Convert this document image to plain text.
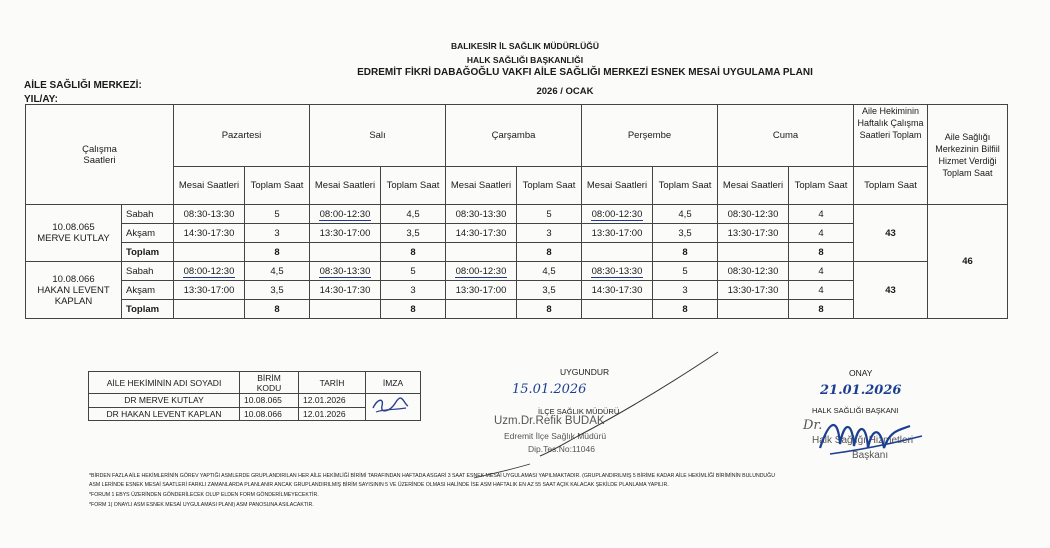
BALIKESİR İL SAĞLIK MÜDÜRLÜĞÜ
HALK SAĞLIĞI BAŞKANLIĞI
EDREMİT FİKRİ DABAĞOĞLU VAKFI AİLE SAĞLIĞI MERKEZİ ESNEK MESAİ UYGULAMA PLANI
2026 / OCAK
AİLE SAĞLIĞI MERKEZİ:
YIL/AY:
Çalışma Saatleri		Pazartesi		Salı		Çarşamba		Perşembe		Cuma		Aile Hekiminin Haftalık Çalışma Saatleri Toplam	Aile Sağlığı Merkezinin Bilfiil Hizmet Verdiği Toplam Saat
		Mesai Saatleri	Toplam Saat	Mesai Saatleri	Toplam Saat	Mesai Saatleri	Toplam Saat	Mesai Saatleri	Toplam Saat	Mesai Saatleri	Toplam Saat	Toplam Saat	

10.08.065
MERVE KUTLAY	Sabah	08:30-13:30	5	08:00-12:30	4,5	08:30-13:30	5	08:00-12:30	4,5	08:30-12:30	4	43	46
	Akşam	14:30-17:30	3	13:30-17:00	3,5	14:30-17:30	3	13:30-17:00	3,5	13:30-17:30	4		
	Toplam		8		8		8		8		8		

10.08.066
HAKAN LEVENT KAPLAN	Sabah	08:00-12:30	4,5	08:30-13:30	5	08:00-12:30	4,5	08:30-13:30	5	08:30-12:30	4	43	
	Akşam	13:30-17:00	3,5	14:30-17:30	3	13:30-17:00	3,5	14:30-17:30	3	13:30-17:30	4		
	Toplam		8		8		8		8		8		
AİLE HEKİMİNİN ADI SOYADI	BİRİM KODU	TARİH	İMZA
DR MERVE KUTLAY	10.08.065	12.01.2026	
DR HAKAN LEVENT KAPLAN	10.08.066	12.01.2026	
UYGUNDUR
15.01.2026
İLÇE SAĞLIK MÜDÜRÜ
Uzm.Dr.Refik BUDAK
Edremit İlçe Sağlık Müdürü
Dip.Tes.No:11046
ONAY
21.01.2026
HALK SAĞLIĞI BAŞKANI
Dr.
Halk Sağlığı Hizmetleri
Başkanı
*BİRDEN FAZLA AİLE HEKİMLERİNİN GÖREV YAPTIĞI ASMLERDE GRUPLANDIRILAN HER AİLE HEKİMLİĞİ BİRİMİ TARAFINDAN HAFTADA ASGARİ 3 SAAT ESNEK MESAİ UYGULAMASI YAPILMAKTADIR. (GRUPLANDIRILMIŞ 5 BİRİME KADAR AİLE HEKİMLİĞİ BİRİMİNİN BULUNDUĞU
ASM LERİNDE ESNEK MESAİ SAATLERİ FARKLI ZAMANLARDA PLANLANIR ANCAK GRUPLANDIRILMIŞ BİRİM SAYISININ 5 VE ÜZERİNDE OLMASI HALİNDE İSE ASM HAFTALIK EN AZ 55 SAAT AÇIK KALACAK ŞEKİLDE PLANLAMA YAPILIR.
*FORUM 1 EBYS ÜZERİNDEN GÖNDERİLECEK OLUP ELDEN FORM GÖNDERİLMEYECEKTİR.
*FORM 1( ONAYLI ASM ESNEK MESAİ UYGULAMASI PLANI) ASM PANOSUNA ASILACAKTIR.
